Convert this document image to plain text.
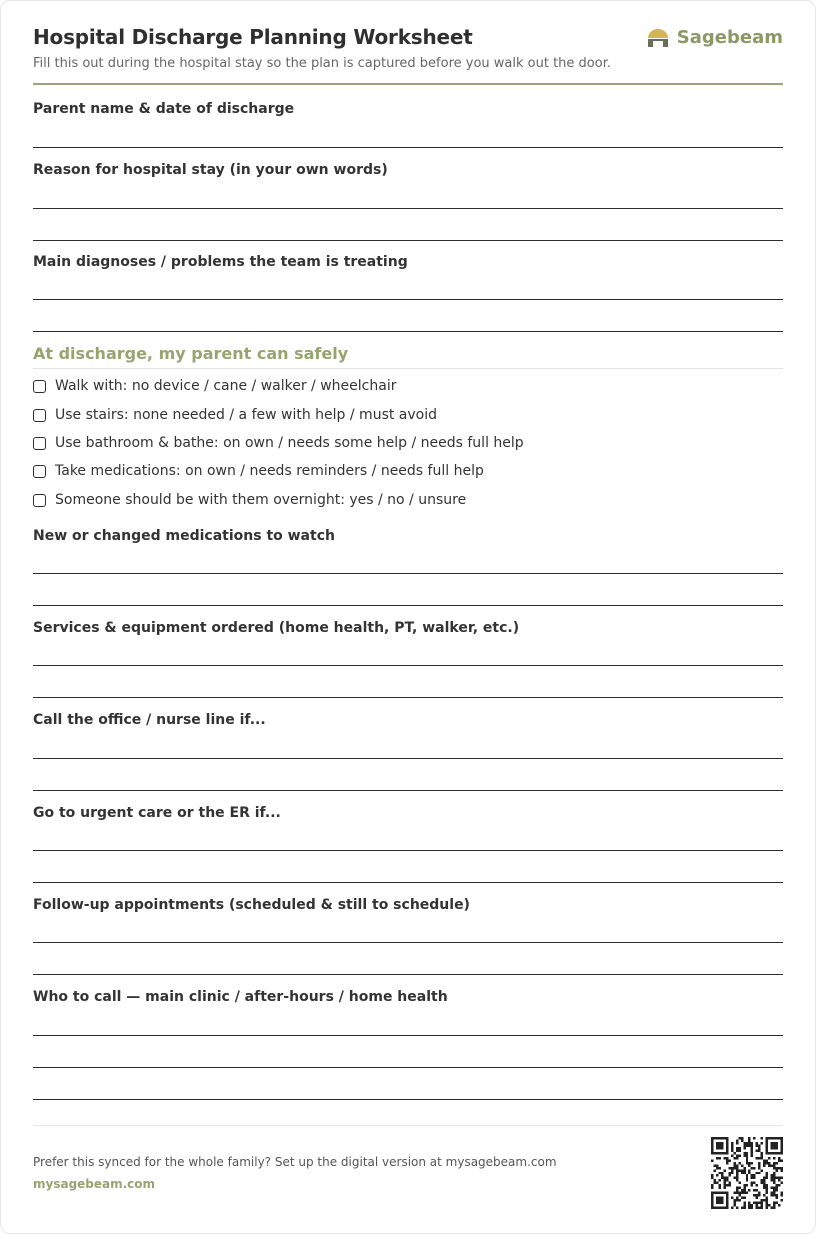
Hospital Discharge Planning Worksheet
Fill this out during the hospital stay so the plan is captured before you walk out the door.
Sagebeam
Parent name & date of discharge
Reason for hospital stay (in your own words)
Main diagnoses / problems the team is treating
At discharge, my parent can safely
Walk with: no device / cane / walker / wheelchair
Use stairs: none needed / a few with help / must avoid
Use bathroom & bathe: on own / needs some help / needs full help
Take medications: on own / needs reminders / needs full help
Someone should be with them overnight: yes / no / unsure
New or changed medications to watch
Services & equipment ordered (home health, PT, walker, etc.)
Call the office / nurse line if...
Go to urgent care or the ER if...
Follow-up appointments (scheduled & still to schedule)
Who to call — main clinic / after-hours / home health
Prefer this synced for the whole family? Set up the digital version at mysagebeam.com
mysagebeam.com
